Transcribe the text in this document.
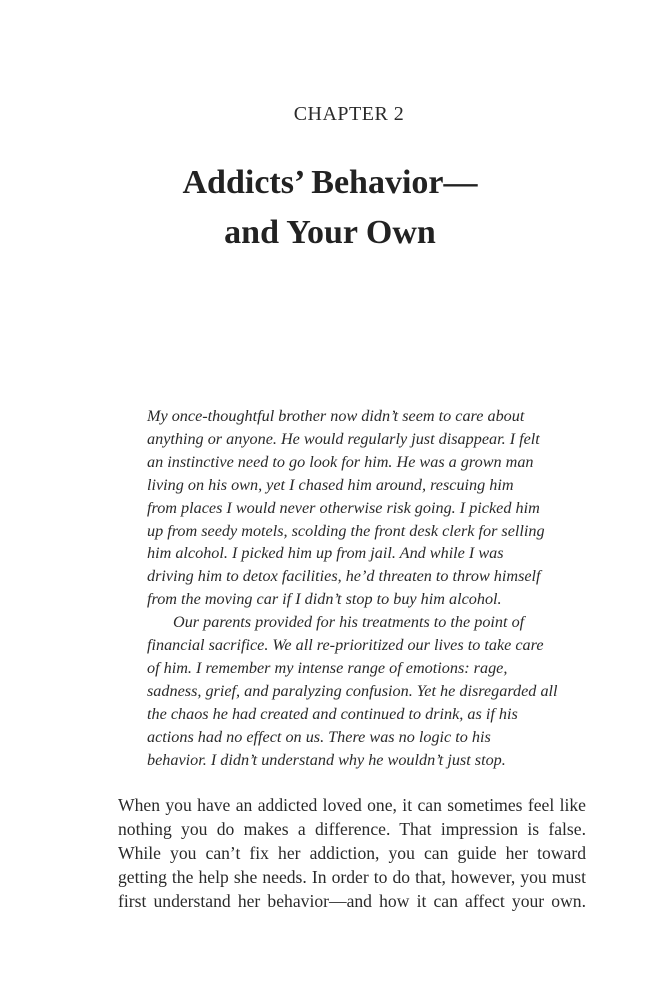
CHAPTER 2
Addicts’ Behavior—
and Your Own

My once-thoughtful brother now didn’t seem to care about
anything or anyone. He would regularly just disappear. I felt
an instinctive need to go look for him. He was a grown man
living on his own, yet I chased him around, rescuing him
from places I would never otherwise risk going. I picked him
up from seedy motels, scolding the front desk clerk for selling
him alcohol. I picked him up from jail. And while I was
driving him to detox facilities, he’d threaten to throw himself
from the moving car if I didn’t stop to buy him alcohol.

Our parents provided for his treatments to the point of
financial sacrifice. We all re-prioritized our lives to take care
of him. I remember my intense range of emotions: rage,
sadness, grief, and paralyzing confusion. Yet he disregarded all
the chaos he had created and continued to drink, as if his
actions had no effect on us. There was no logic to his
behavior. I didn’t understand why he wouldn’t just stop.

When you have an addicted loved one, it can sometimes feel like
nothing you do makes a difference. That impression is false.
While you can’t fix her addiction, you can guide her toward
getting the help she needs. In order to do that, however, you must
first understand her behavior—and how it can affect your own.
